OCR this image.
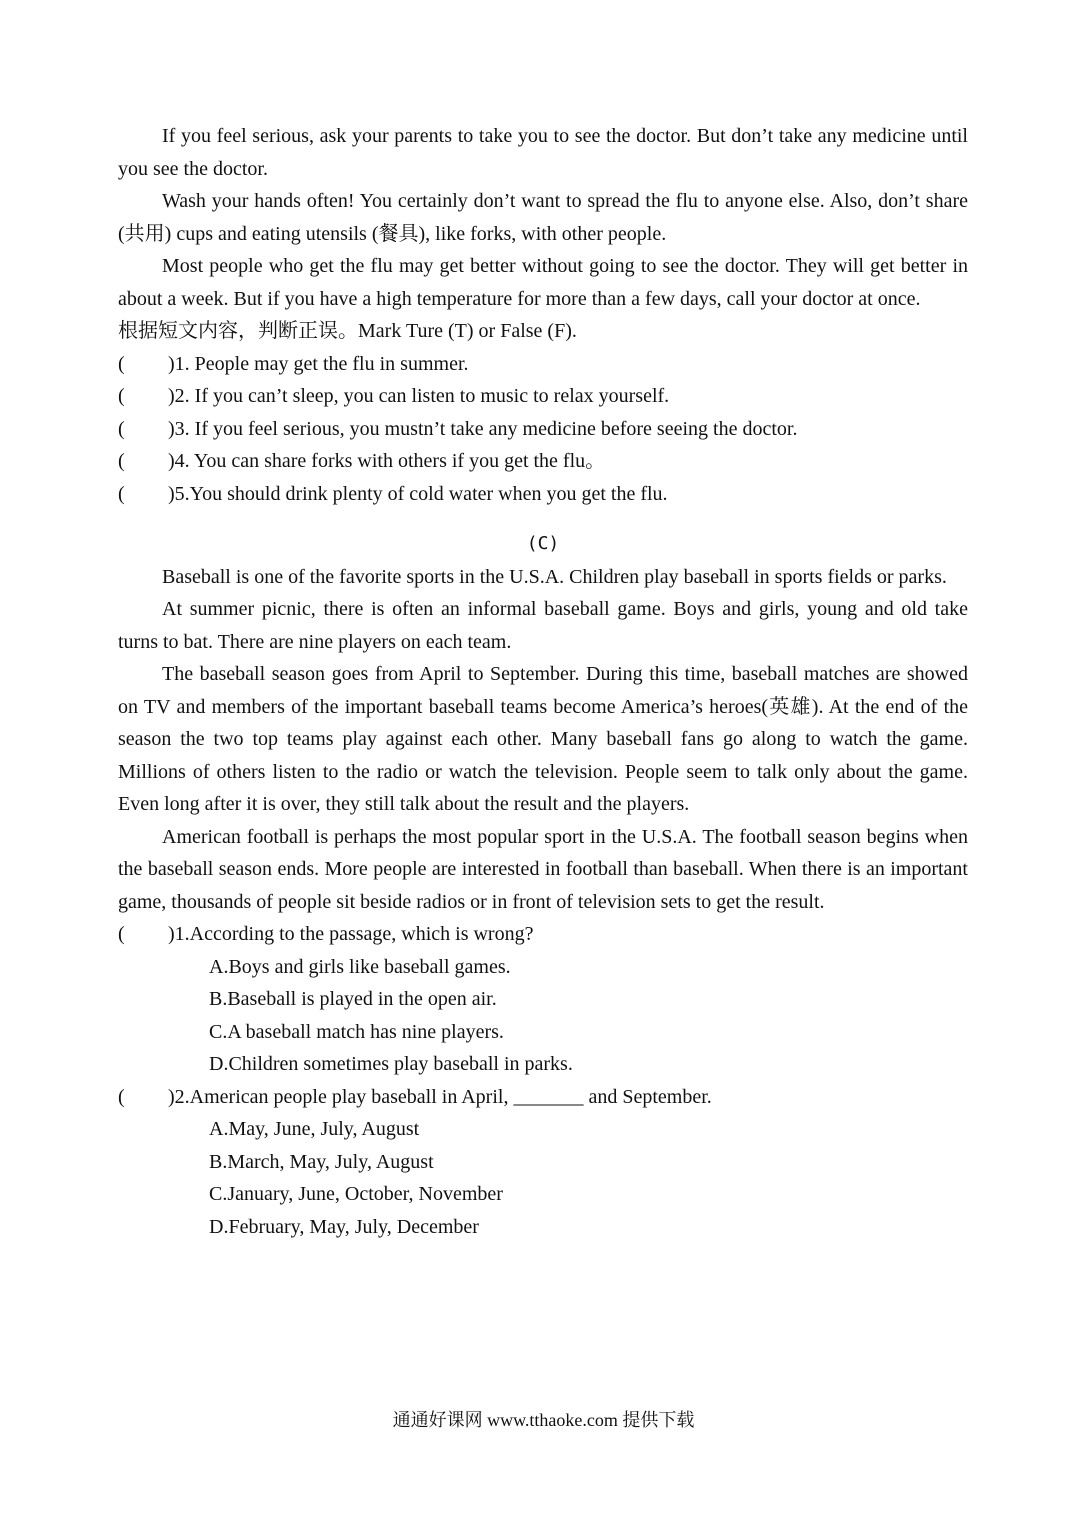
If you feel serious, ask your parents to take you to see the doctor. But don’t take any medicine until you see the doctor.

Wash your hands often! You certainly don’t want to spread the flu to anyone else. Also, don’t share (共用) cups and eating utensils (餐具), like forks, with other people.

Most people who get the flu may get better without going to see the doctor. They will get better in about a week. But if you have a high temperature for more than a few days, call your doctor at once.

根据短文内容，判断正误。Mark Ture (T) or False (F).

(	)1. People may get the flu in summer.
(	)2. If you can’t sleep, you can listen to music to relax yourself.
(	)3. If you feel serious, you mustn’t take any medicine before seeing the doctor.
(	)4. You can share forks with others if you get the flu。
(	)5.You should drink plenty of cold water when you get the flu.

(C)

Baseball is one of the favorite sports in the U.S.A. Children play baseball in sports fields or parks.

At summer picnic, there is often an informal baseball game. Boys and girls, young and old take turns to bat. There are nine players on each team.

The baseball season goes from April to September. During this time, baseball matches are showed on TV and members of the important baseball teams become America’s heroes(英雄). At the end of the season the two top teams play against each other. Many baseball fans go along to watch the game. Millions of others listen to the radio or watch the television. People seem to talk only about the game. Even long after it is over, they still talk about the result and the players.

American football is perhaps the most popular sport in the U.S.A. The football season begins when the baseball season ends. More people are interested in football than baseball. When there is an important game, thousands of people sit beside radios or in front of television sets to get the result.

(	)1.According to the passage, which is wrong?

A.Boys and girls like baseball games.

B.Baseball is played in the open air.

C.A baseball match has nine players.

D.Children sometimes play baseball in parks.

(	)2.American people play baseball in April, _______ and September.

A.May, June, July, August

B.March, May, July, August

C.January, June, October, November

D.February, May, July, December

通通好课网 www.tthaoke.com 提供下载
